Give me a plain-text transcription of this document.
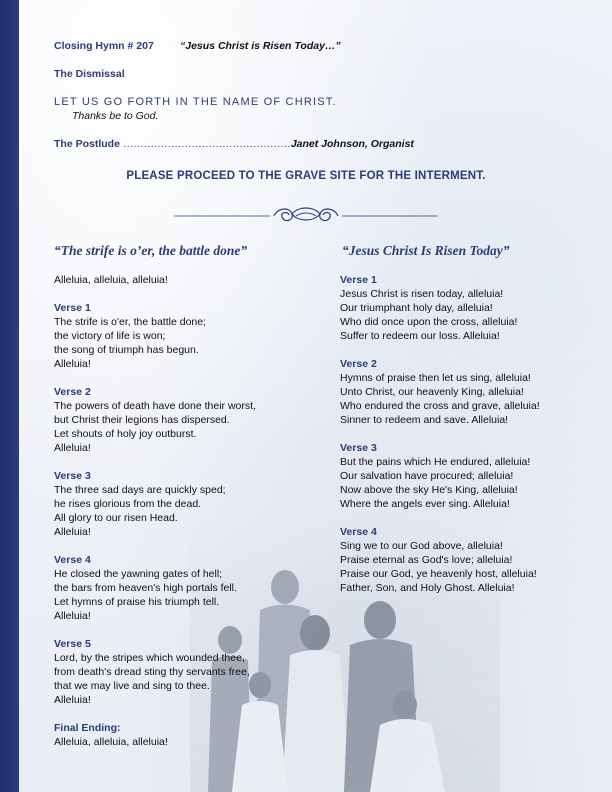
Closing Hymn # 207 “Jesus Christ is Risen Today…”
The Dismissal
LET US GO FORTH IN THE NAME OF CHRIST.
Thanks be to God.
The Postlude .................................................Janet Johnson, Organist
PLEASE PROCEED TO THE GRAVE SITE FOR THE INTERMENT.
“The strife is o’er, the battle done”
Alleluia, alleluia, alleluia!
Verse 1
The strife is o'er, the battle done;
the victory of life is won;
the song of triumph has begun.
Alleluia!
Verse 2
The powers of death have done their worst,
but Christ their legions has dispersed.
Let shouts of holy joy outburst.
Alleluia!
Verse 3
The three sad days are quickly sped;
he rises glorious from the dead.
All glory to our risen Head.
Alleluia!
Verse 4
He closed the yawning gates of hell;
the bars from heaven's high portals fell.
Let hymns of praise his triumph tell.
Alleluia!
Verse 5
Lord, by the stripes which wounded thee,
from death's dread sting thy servants free,
that we may live and sing to thee.
Alleluia!
Final Ending:
Alleluia, alleluia, alleluia!
“Jesus Christ Is Risen Today”
Verse 1
Jesus Christ is risen today, alleluia!
Our triumphant holy day, alleluia!
Who did once upon the cross, alleluia!
Suffer to redeem our loss. Alleluia!
Verse 2
Hymns of praise then let us sing, alleluia!
Unto Christ, our heavenly King, alleluia!
Who endured the cross and grave, alleluia!
Sinner to redeem and save. Alleluia!
Verse 3
But the pains which He endured, alleluia!
Our salvation have procured; alleluia!
Now above the sky He's King, alleluia!
Where the angels ever sing. Alleluia!
Verse 4
Sing we to our God above, alleluia!
Praise eternal as God's love; alleluia!
Praise our God, ye heavenly host, alleluia!
Father, Son, and Holy Ghost. Alleluia!
